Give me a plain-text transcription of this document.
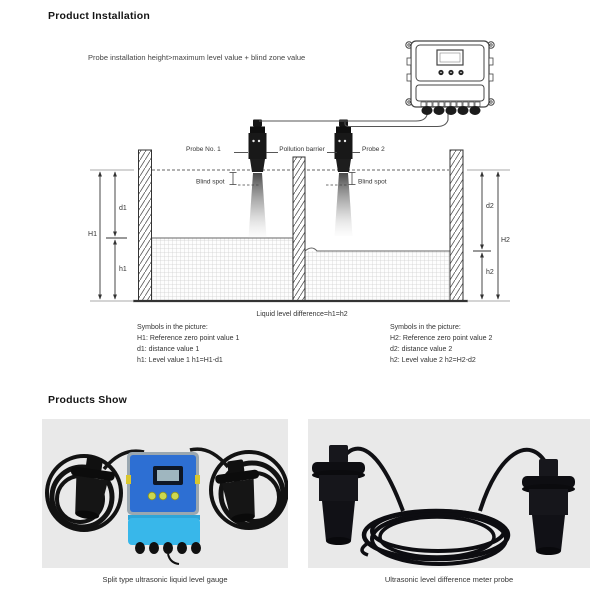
Product Installation
Probe installation height>maximum level value + blind zone value
Probe No. 1	Pollution barrier	Probe 2
Blind spot	Blind spot
H1
d1
h1
d2
h2
H2
Liquid level difference=h1=h2
Symbols in the picture:
H1: Reference zero point value 1
d1: distance value 1
h1: Level value 1 h1=H1-d1
Symbols in the picture:
H2: Reference zero point value 2
d2: distance value 2
h2: Level value 2 h2=H2-d2
Products Show
Split type ultrasonic liquid level gauge	Ultrasonic level difference meter probe
